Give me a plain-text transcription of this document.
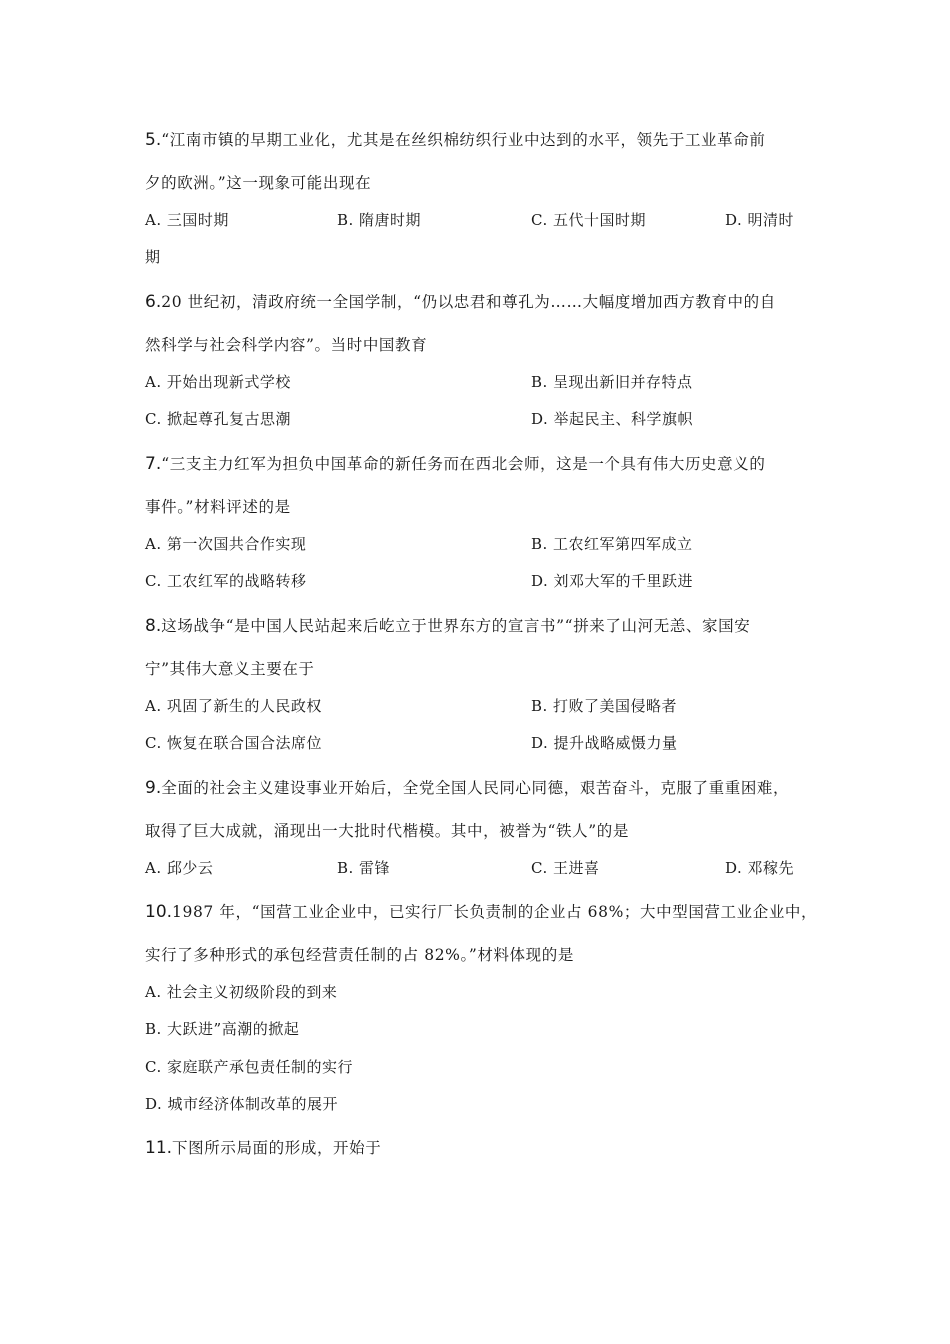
5.“江南市镇的早期工业化，尤其是在丝织棉纺织行业中达到的水平，领先于工业革命前
夕的欧洲。”这一现象可能出现在
A. 三国时期	B. 隋唐时期	C. 五代十国时期	D. 明清时
期
6.20 世纪初，清政府统一全国学制，“仍以忠君和尊孔为……大幅度增加西方教育中的自
然科学与社会科学内容”。当时中国教育
A. 开始出现新式学校	B. 呈现出新旧并存特点
C. 掀起尊孔复古思潮	D. 举起民主、科学旗帜
7.“三支主力红军为担负中国革命的新任务而在西北会师，这是一个具有伟大历史意义的
事件。”材料评述的是
A. 第一次国共合作实现	B. 工农红军第四军成立
C. 工农红军的战略转移	D. 刘邓大军的千里跃进
8.这场战争“是中国人民站起来后屹立于世界东方的宣言书”“拼来了山河无恙、家国安
宁”其伟大意义主要在于
A. 巩固了新生的人民政权	B. 打败了美国侵略者
C. 恢复在联合国合法席位	D. 提升战略威慑力量
9.全面的社会主义建设事业开始后，全党全国人民同心同德，艰苦奋斗，克服了重重困难，
取得了巨大成就，涌现出一大批时代楷模。其中，被誉为“铁人”的是
A. 邱少云	B. 雷锋	C. 王进喜	D. 邓稼先
10.1987 年，“国营工业企业中，已实行厂长负责制的企业占 68%；大中型国营工业企业中，
实行了多种形式的承包经营责任制的占 82%。”材料体现的是
A. 社会主义初级阶段的到来
B. 大跃进”高潮的掀起
C. 家庭联产承包责任制的实行
D. 城市经济体制改革的展开
11.下图所示局面的形成，开始于
